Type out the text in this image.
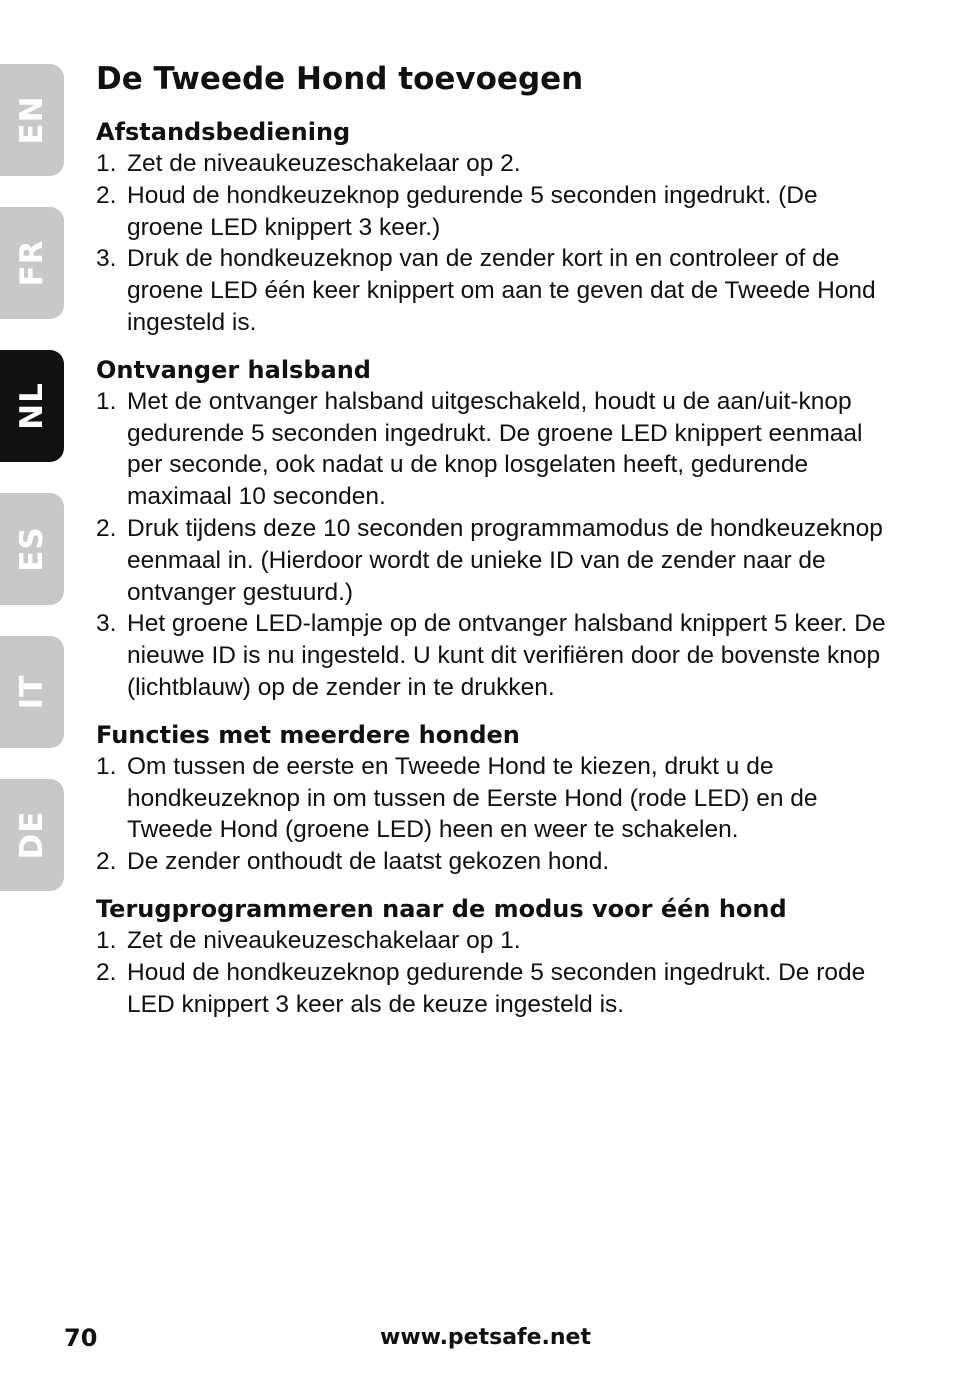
EN
FR
NL
ES
IT
DE
De Tweede Hond toevoegen
Afstandsbediening
1. Zet de niveaukeuzeschakelaar op 2.
2. Houd de hondkeuzeknop gedurende 5 seconden ingedrukt. (De groene LED knippert 3 keer.)
3. Druk de hondkeuzeknop van de zender kort in en controleer of de groene LED één keer knippert om aan te geven dat de Tweede Hond ingesteld is.
Ontvanger halsband
1. Met de ontvanger halsband uitgeschakeld, houdt u de aan/uit-knop gedurende 5 seconden ingedrukt. De groene LED knippert eenmaal per seconde, ook nadat u de knop losgelaten heeft, gedurende maximaal 10 seconden.
2. Druk tijdens deze 10 seconden programmamodus de hondkeuzeknop eenmaal in. (Hierdoor wordt de unieke ID van de zender naar de ontvanger gestuurd.)
3. Het groene LED-lampje op de ontvanger halsband knippert 5 keer. De nieuwe ID is nu ingesteld. U kunt dit verifiëren door de bovenste knop (lichtblauw) op de zender in te drukken.
Functies met meerdere honden
1. Om tussen de eerste en Tweede Hond te kiezen, drukt u de hondkeuzeknop in om tussen de Eerste Hond (rode LED) en de Tweede Hond (groene LED) heen en weer te schakelen.
2. De zender onthoudt de laatst gekozen hond.
Terugprogrammeren naar de modus voor één hond
1. Zet de niveaukeuzeschakelaar op 1.
2. Houd de hondkeuzeknop gedurende 5 seconden ingedrukt. De rode LED knippert 3 keer als de keuze ingesteld is.
70	www.petsafe.net
